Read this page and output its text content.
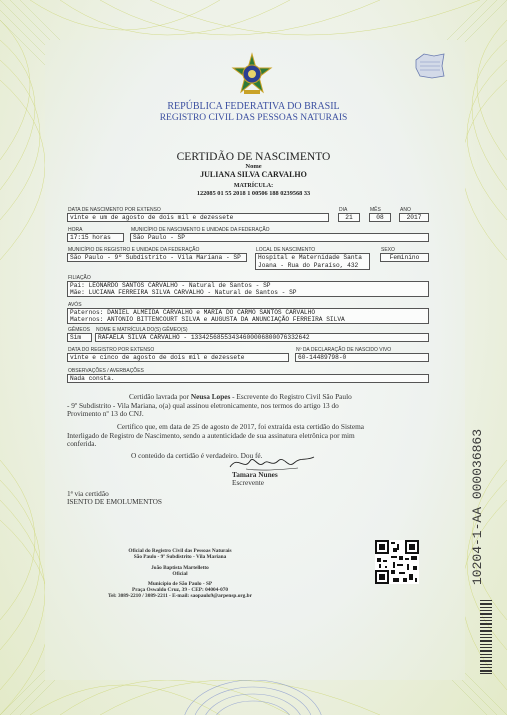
REPÚBLICA FEDERATIVA DO BRASIL
REGISTRO CIVIL DAS PESSOAS NATURAIS
CERTIDÃO DE NASCIMENTO
Nome
JULIANA SILVA CARVALHO
MATRÍCULA:
122085 01 55 2018 1 00506 188 0239568 33
DATA DE NASCIMENTO POR EXTENSO
vinte e um de agosto de dois mil e dezessete
DIA
21
MÊS
08
ANO
2017
HORA
17:15 horas
MUNICÍPIO DE NASCIMENTO E UNIDADE DA FEDERAÇÃO
São Paulo - SP
MUNICÍPIO DE REGISTRO E UNIDADE DA FEDERAÇÃO
São Paulo - 9º Subdistrito - Vila Mariana - SP
LOCAL DE NASCIMENTO
Hospital e Maternidade Santa
Joana - Rua do Paraíso, 432
SEXO
Feminino
FILIAÇÃO
Pai: LEONARDO SANTOS CARVALHO - Natural de Santos - SP
Mãe: LUCIANA FERREIRA SILVA CARVALHO - Natural de Santos - SP
AVÓS
Paternos: DANIEL ALMEIDA CARVALHO e MARIA DO CARMO SANTOS CARVALHO
Maternos: ANTONIO BITTENCOURT SILVA e AUGUSTA DA ANUNCIAÇÃO FERREIRA SILVA
GÊMEOS NOME E MATRÍCULA DO(S) GÊMEO(S)
Sim	RAFAELA SILVA CARVALHO - 13342568553434600006800076332642
DATA DO REGISTRO POR EXTENSO
vinte e cinco de agosto de dois mil e dezessete
Nº DA DECLARAÇÃO DE NASCIDO VIVO
60-14489798-0
OBSERVAÇÕES / AVERBAÇÕES
Nada consta.
Certidão lavrada por Neusa Lopes - Escrevente do Registro Civil São Paulo
- 9º Subdistrito - Vila Mariana, o(a) qual assinou eletronicamente, nos termos do artigo 13 do
Provimento nº 13 do CNJ.
Certifico que, em data de 25 de agosto de 2017, foi extraída esta certidão do Sistema
Interligado de Registro de Nascimento, sendo a autenticidade de sua assinatura eletrônica por mim
conferida.
O conteúdo da certidão é verdadeiro. Dou fé.
Tamara Nunes
Escrevente
1ª via certidão
ISENTO DE EMOLUMENTOS
Oficial do Registro Civil das Pessoas Naturais
São Paulo - 9º Subdistrito - Vila Mariana
João Baptista Martelletto
Oficial
Município de São Paulo - SP
Praça Oswaldo Cruz, 39 - CEP: 04004-070
Tel: 3089-2210 / 3089-2211 - E-mail: saopaulo9@arpensp.org.br
10204-1-AA 000036863
